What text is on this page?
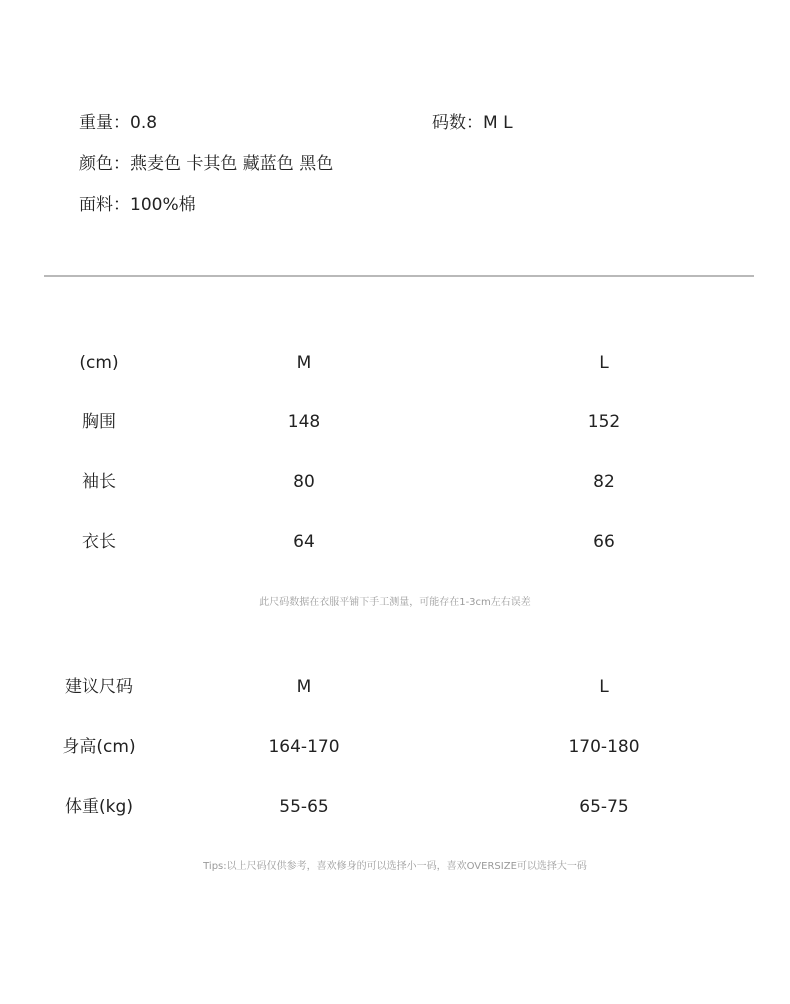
重量：0.8	码数：M L
颜色：燕麦色 卡其色 藏蓝色 黑色
面料：100%棉
(cm)	M	L
胸围	148	152
袖长	80	82
衣长	64	66
此尺码数据在衣服平铺下手工测量，可能存在1-3cm左右误差
建议尺码	M	L
身高(cm)	164-170	170-180
体重(kg)	55-65	65-75
Tips:以上尺码仅供参考，喜欢修身的可以选择小一码，喜欢OVERSIZE可以选择大一码
